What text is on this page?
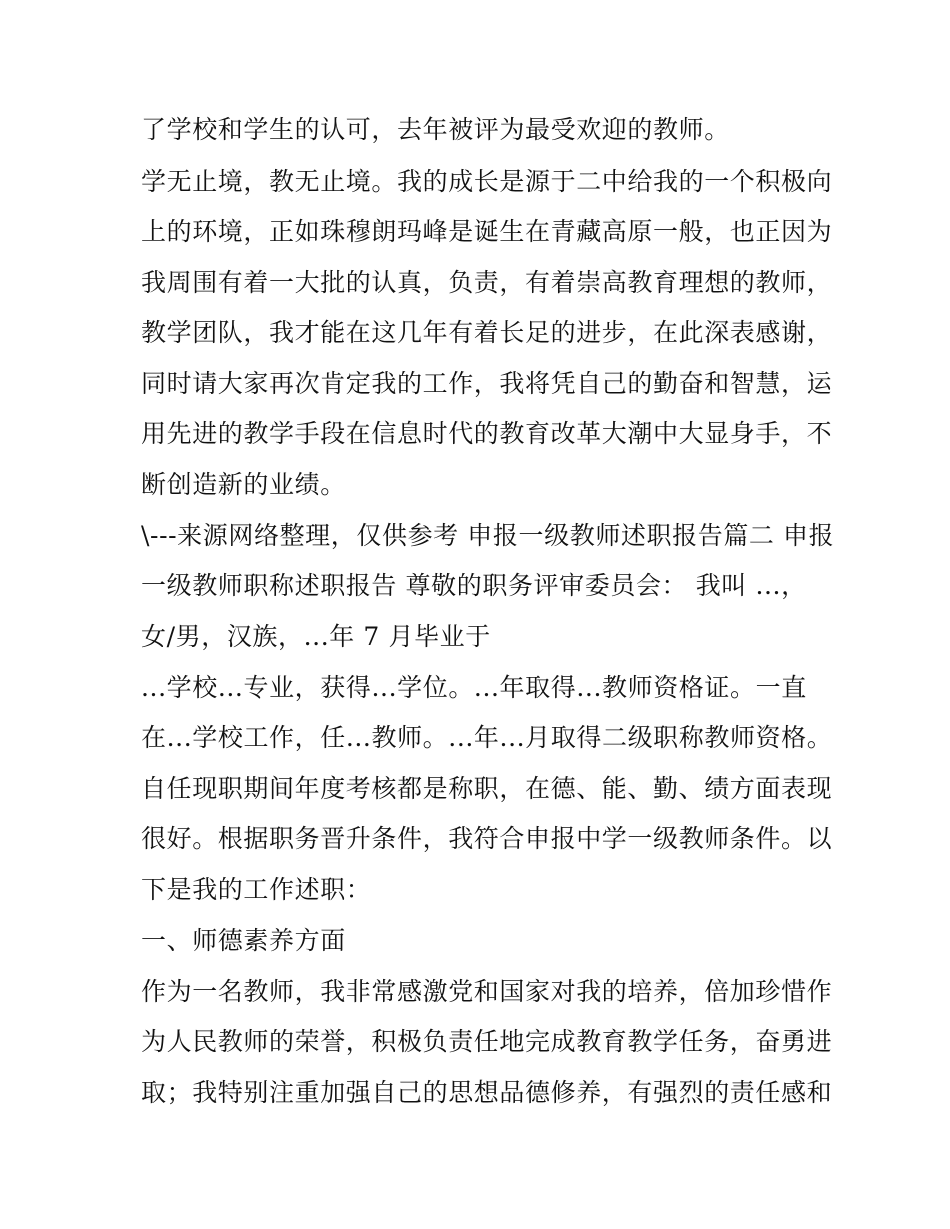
了学校和学生的认可，去年被评为最受欢迎的教师。
学无止境，教无止境。我的成长是源于二中给我的一个积极向
上的环境，正如珠穆朗玛峰是诞生在青藏高原一般，也正因为
我周围有着一大批的认真，负责，有着崇高教育理想的教师，
教学团队，我才能在这几年有着长足的进步，在此深表感谢，
同时请大家再次肯定我的工作，我将凭自己的勤奋和智慧，运
用先进的教学手段在信息时代的教育改革大潮中大显身手，不
断创造新的业绩。
\---来源网络整理，仅供参考 申报一级教师述职报告篇二 申报
一级教师职称述职报告 尊敬的职务评审委员会： 我叫 ...，
女/男，汉族，...年 7 月毕业于
...学校...专业，获得...学位。...年取得...教师资格证。一直
在...学校工作，任...教师。...年...月取得二级职称教师资格。
自任现职期间年度考核都是称职，在德、能、勤、绩方面表现
很好。根据职务晋升条件，我符合申报中学一级教师条件。以
下是我的工作述职：
一、师德素养方面
作为一名教师，我非常感激党和国家对我的培养，倍加珍惜作
为人民教师的荣誉，积极负责任地完成教育教学任务，奋勇进
取；我特别注重加强自己的思想品德修养，有强烈的责任感和
